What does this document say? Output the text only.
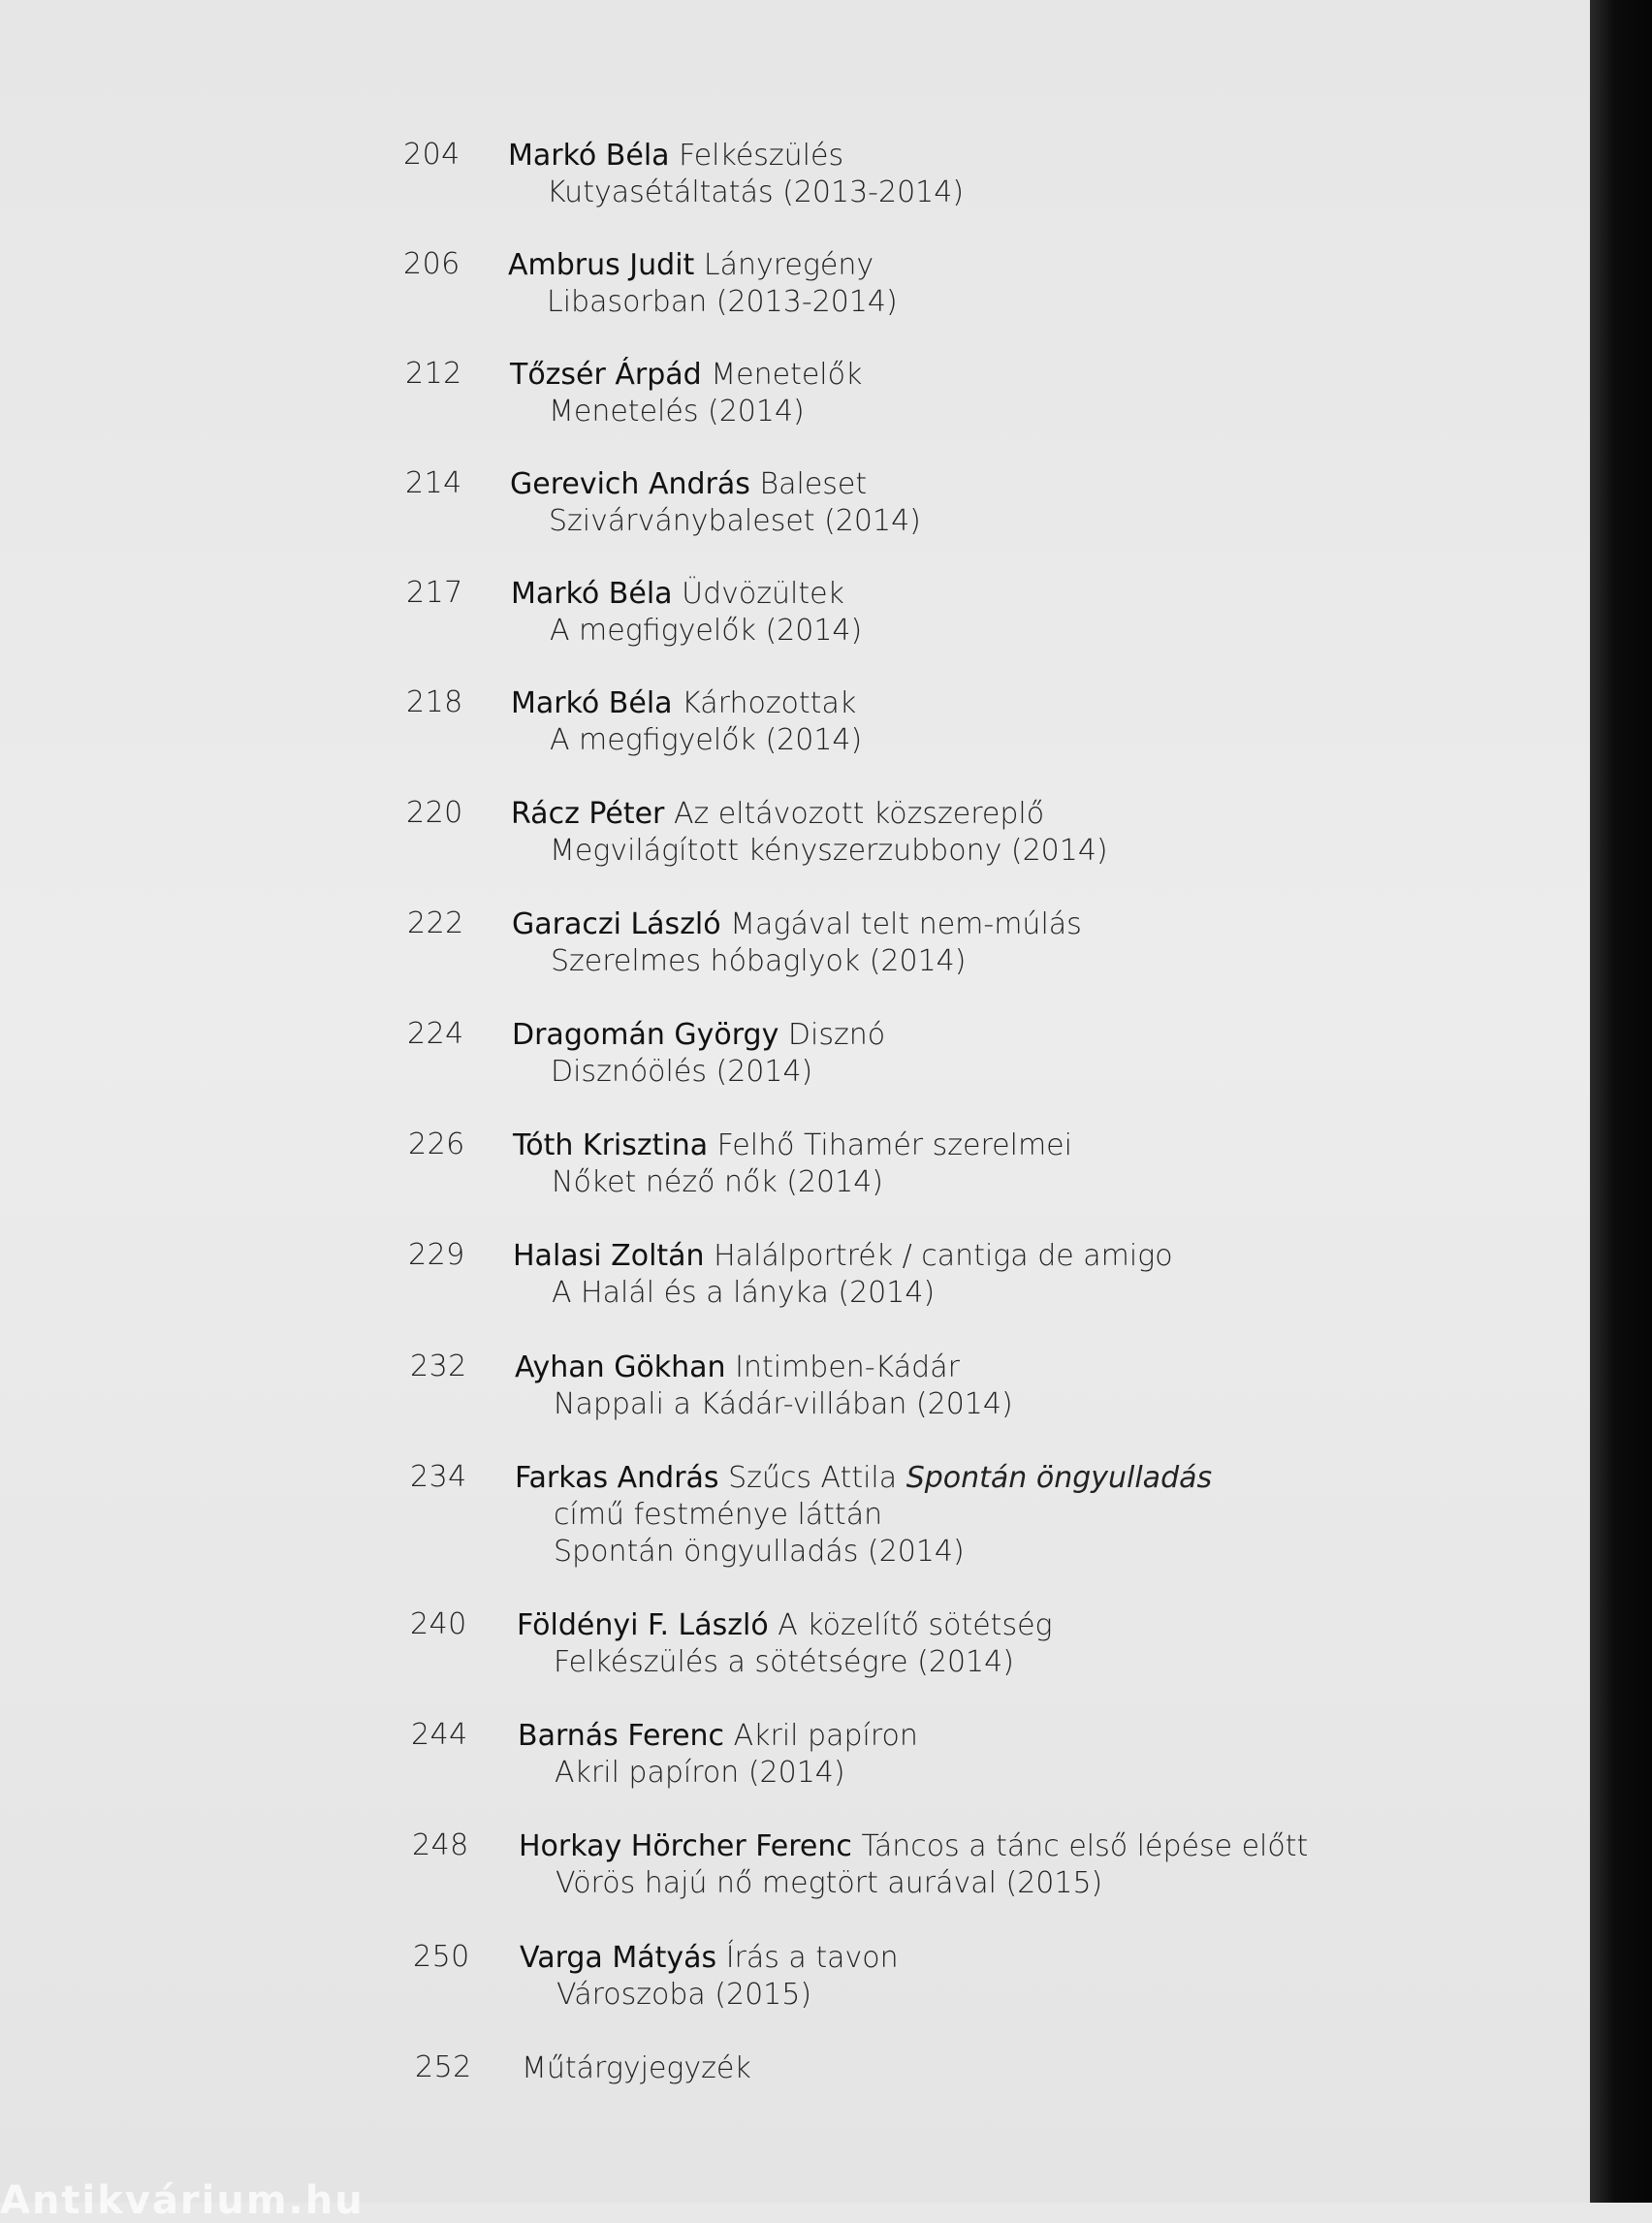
204	Markó Béla Felkészülés
Kutyasétáltatás (2013-2014)
206	Ambrus Judit Lányregény
Libasorban (2013-2014)
212	Tőzsér Árpád Menetelők
Menetelés (2014)
214	Gerevich András Baleset
Szivárványbaleset (2014)
217	Markó Béla Üdvözültek
A megfigyelők (2014)
218	Markó Béla Kárhozottak
A megfigyelők (2014)
220	Rácz Péter Az eltávozott közszereplő
Megvilágított kényszerzubbony (2014)
222	Garaczi László Magával telt nem-múlás
Szerelmes hóbaglyok (2014)
224	Dragomán György Disznó
Disznóölés (2014)
226	Tóth Krisztina Felhő Tihamér szerelmei
Nőket néző nők (2014)
229	Halasi Zoltán Halálportrék / cantiga de amigo
A Halál és a lányka (2014)
232	Ayhan Gökhan Intimben-Kádár
Nappali a Kádár-villában (2014)
234	Farkas András Szűcs Attila Spontán öngyulladás
című festménye láttán
Spontán öngyulladás (2014)
240	Földényi F. László A közelítő sötétség
Felkészülés a sötétségre (2014)
244	Barnás Ferenc Akril papíron
Akril papíron (2014)
248	Horkay Hörcher Ferenc Táncos a tánc első lépése előtt
Vörös hajú nő megtört aurával (2015)
250	Varga Mátyás Írás a tavon
Városzoba (2015)
252	Műtárgyjegyzék
Antikvárium.hu
